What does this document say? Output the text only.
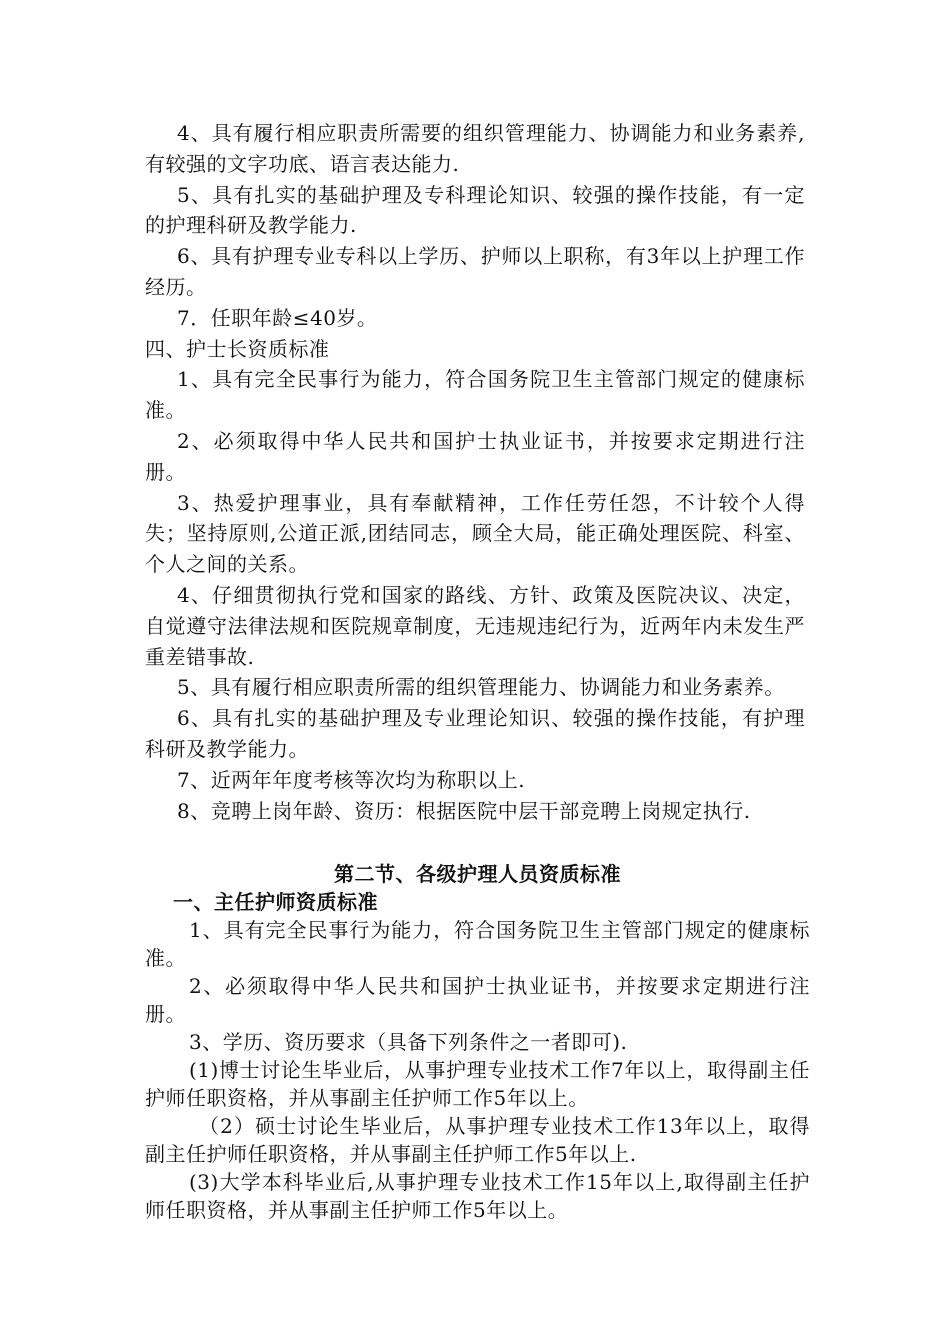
4、具有履行相应职责所需要的组织管理能力、协调能力和业务素养,有较强的文字功底、语言表达能力.

5、具有扎实的基础护理及专科理论知识、较强的操作技能，有一定的护理科研及教学能力.

6、具有护理专业专科以上学历、护师以上职称，有3年以上护理工作经历。

7．任职年龄≤40岁。

四、护士长资质标准

1、具有完全民事行为能力，符合国务院卫生主管部门规定的健康标准。

2、必须取得中华人民共和国护士执业证书，并按要求定期进行注册。

3、热爱护理事业，具有奉献精神，工作任劳任怨，不计较个人得失；坚持原则,公道正派,团结同志，顾全大局，能正确处理医院、科室、个人之间的关系。

4、仔细贯彻执行党和国家的路线、方针、政策及医院决议、决定，自觉遵守法律法规和医院规章制度，无违规违纪行为，近两年内未发生严重差错事故.

5、具有履行相应职责所需的组织管理能力、协调能力和业务素养。

6、具有扎实的基础护理及专业理论知识、较强的操作技能，有护理科研及教学能力。

7、近两年年度考核等次均为称职以上.

8、竞聘上岗年龄、资历：根据医院中层干部竞聘上岗规定执行.

第二节、各级护理人员资质标准

一、主任护师资质标准

1、具有完全民事行为能力，符合国务院卫生主管部门规定的健康标准。

2、必须取得中华人民共和国护士执业证书，并按要求定期进行注册。

3、学历、资历要求（具备下列条件之一者即可).

(1)博士讨论生毕业后，从事护理专业技术工作7年以上，取得副主任护师任职资格，并从事副主任护师工作5年以上。

（2）硕士讨论生毕业后，从事护理专业技术工作13年以上，取得副主任护师任职资格，并从事副主任护师工作5年以上.

(3)大学本科毕业后,从事护理专业技术工作15年以上,取得副主任护师任职资格，并从事副主任护师工作5年以上。
